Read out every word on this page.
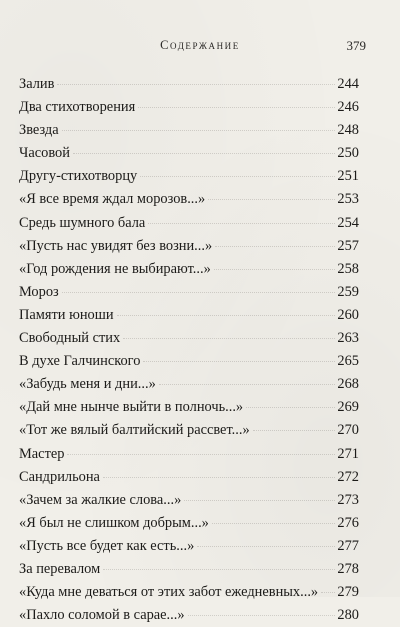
Содержание	379
Залив	244
Два стихотворения	246
Звезда	248
Часовой	250
Другу-стихотворцу	251
«Я все время ждал морозов...»	253
Средь шумного бала	254
«Пусть нас увидят без возни...»	257
«Год рождения не выбирают...»	258
Мороз	259
Памяти юноши	260
Свободный стих	263
В духе Галчинского	265
«Забудь меня и дни...»	268
«Дай мне нынче выйти в полночь...»	269
«Тот же вялый балтийский рассвет...»	270
Мастер	271
Сандрильона	272
«Зачем за жалкие слова...»	273
«Я был не слишком добрым...»	276
«Пусть все будет как есть...»	277
За перевалом	278
«Куда мне деваться от этих забот ежедневных...» 279
«Пахло соломой в сарае...»	280
